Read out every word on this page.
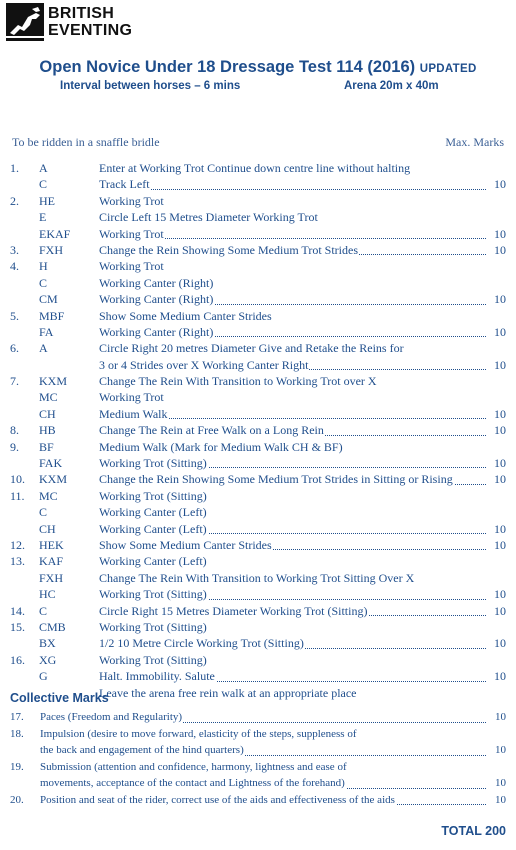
BRITISH
EVENTING
Open Novice Under 18 Dressage Test 114 (2016) UPDATED
Interval between horses – 6 mins	Arena 20m x 40m
To be ridden in a snaffle bridle	Max. Marks
1.	A	Enter at Working Trot Continue down centre line without halting
C	Track Left	10
2.	HE	Working Trot
E	Circle Left 15 Metres Diameter Working Trot
EKAF	Working Trot	10
3.	FXH	Change the Rein Showing Some Medium Trot Strides	10
4.	H	Working Trot
C	Working Canter (Right)
CM	Working Canter (Right)	10
5.	MBF	Show Some Medium Canter Strides
FA	Working Canter (Right)	10
6.	A	Circle Right 20 metres Diameter Give and Retake the Reins for
3 or 4 Strides over X Working Canter Right	10
7.	KXM	Change The Rein With Transition to Working Trot over X
MC	Working Trot
CH	Medium Walk	10
8.	HB	Change The Rein at Free Walk on a Long Rein	10
9.	BF	Medium Walk (Mark for Medium Walk CH & BF)
FAK	Working Trot (Sitting)	10
10.	KXM	Change the Rein Showing Some Medium Trot Strides in Sitting or Rising	10
11.	MC	Working Trot (Sitting)
C	Working Canter (Left)
CH	Working Canter (Left)	10
12.	HEK	Show Some Medium Canter Strides	10
13.	KAF	Working Canter (Left)
FXH	Change The Rein With Transition to Working Trot Sitting Over X
HC	Working Trot (Sitting)	10
14.	C	Circle Right 15 Metres Diameter Working Trot (Sitting)	10
15.	CMB	Working Trot (Sitting)
BX	1/2 10 Metre Circle Working Trot (Sitting)	10
16.	XG	Working Trot (Sitting)
G	Halt. Immobility. Salute	10
Leave the arena free rein walk at an appropriate place
Collective Marks
17.	Paces (Freedom and Regularity)	10
18.	Impulsion (desire to move forward, elasticity of the steps, suppleness of
the back and engagement of the hind quarters)	10
19.	Submission (attention and confidence, harmony, lightness and ease of
movements, acceptance of the contact and Lightness of the forehand)	10
20.	Position and seat of the rider, correct use of the aids and effectiveness of the aids	10
TOTAL 200
